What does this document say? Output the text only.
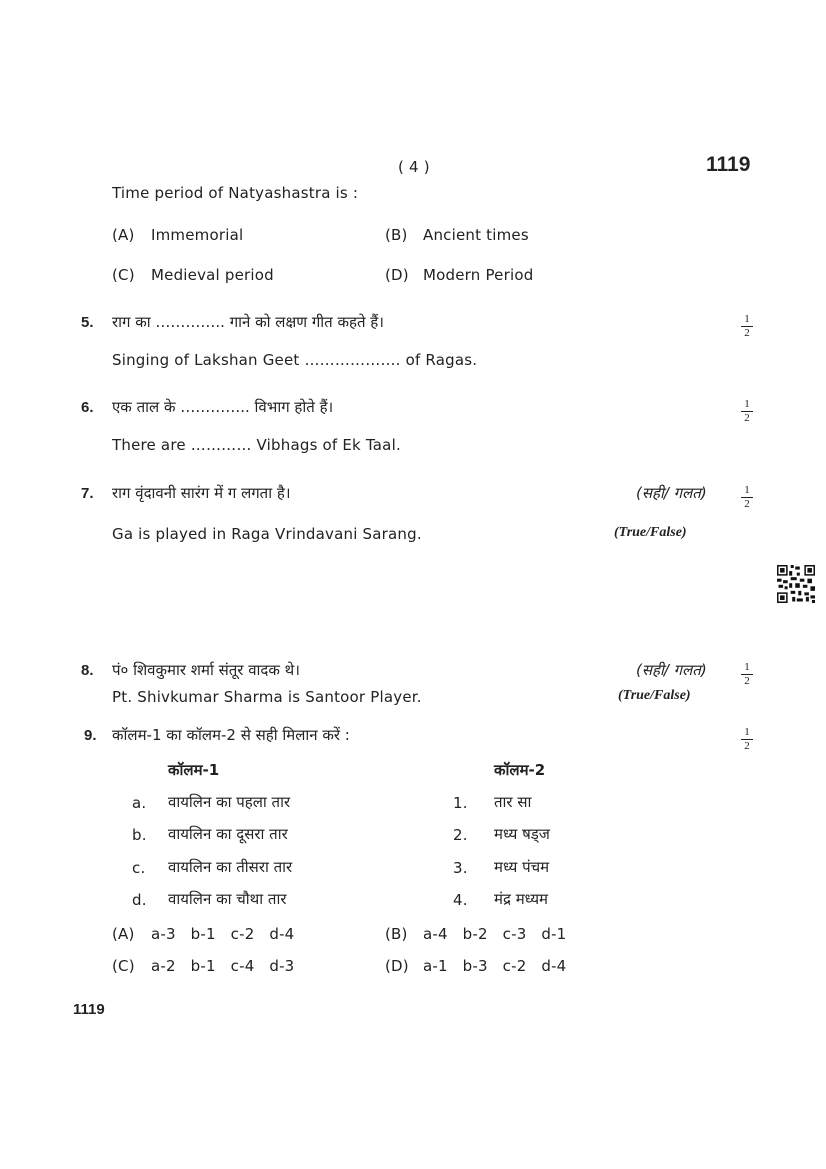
( 4 )	1119
Time period of Natyashastra is :
(A) Immemorial	(B) Ancient times
(C) Medieval period	(D) Modern Period
5. राग का ………….. गाने को लक्षण गीत कहते हैं।
Singing of Lakshan Geet ………………. of Ragas.
1
2
6. एक ताल के ………….. विभाग होते हैं।
There are ………… Vibhags of Ek Taal.
1
2
7. राग वृंदावनी सारंग में ग लगता है।	(सही/ गलत)
Ga is played in Raga Vrindavani Sarang.	(True/False)
1
2
8. पं० शिवकुमार शर्मा संतूर वादक थे।	(सही/ गलत)
Pt. Shivkumar Sharma is Santoor Player.	(True/False)
1
2
9. कॉलम-1 का कॉलम-2 से सही मिलान करें :	1
2
कॉलम-1	कॉलम-2
a. वायलिन का पहला तार	1. तार सा
b. वायलिन का दूसरा तार	2. मध्य षड्ज
c. वायलिन का तीसरा तार	3. मध्य पंचम
d. वायलिन का चौथा तार	4. मंद्र मध्यम
(A) a-3   b-1   c-2   d-4	(B) a-4   b-2   c-3   d-1
(C) a-2   b-1   c-4   d-3	(D) a-1   b-3   c-2   d-4
1119
